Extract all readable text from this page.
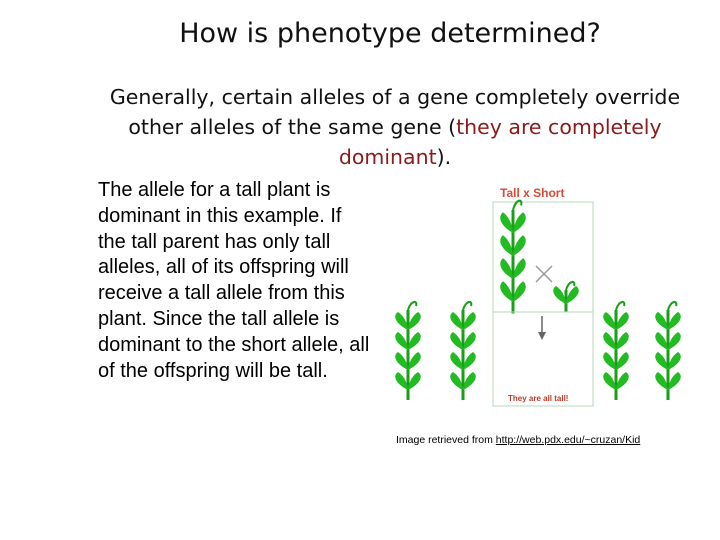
How is phenotype determined?
Generally, certain alleles of a gene completely override other alleles of the same gene (they are completely dominant).
The allele for a tall plant is dominant in this example. If the tall parent has only tall alleles, all of its offspring will receive a tall allele from this plant. Since the tall allele is dominant to the short allele, all of the offspring will be tall.
Tall x Short
They are all tall!
Image retrieved from http://web.pdx.edu/~cruzan/Kid
